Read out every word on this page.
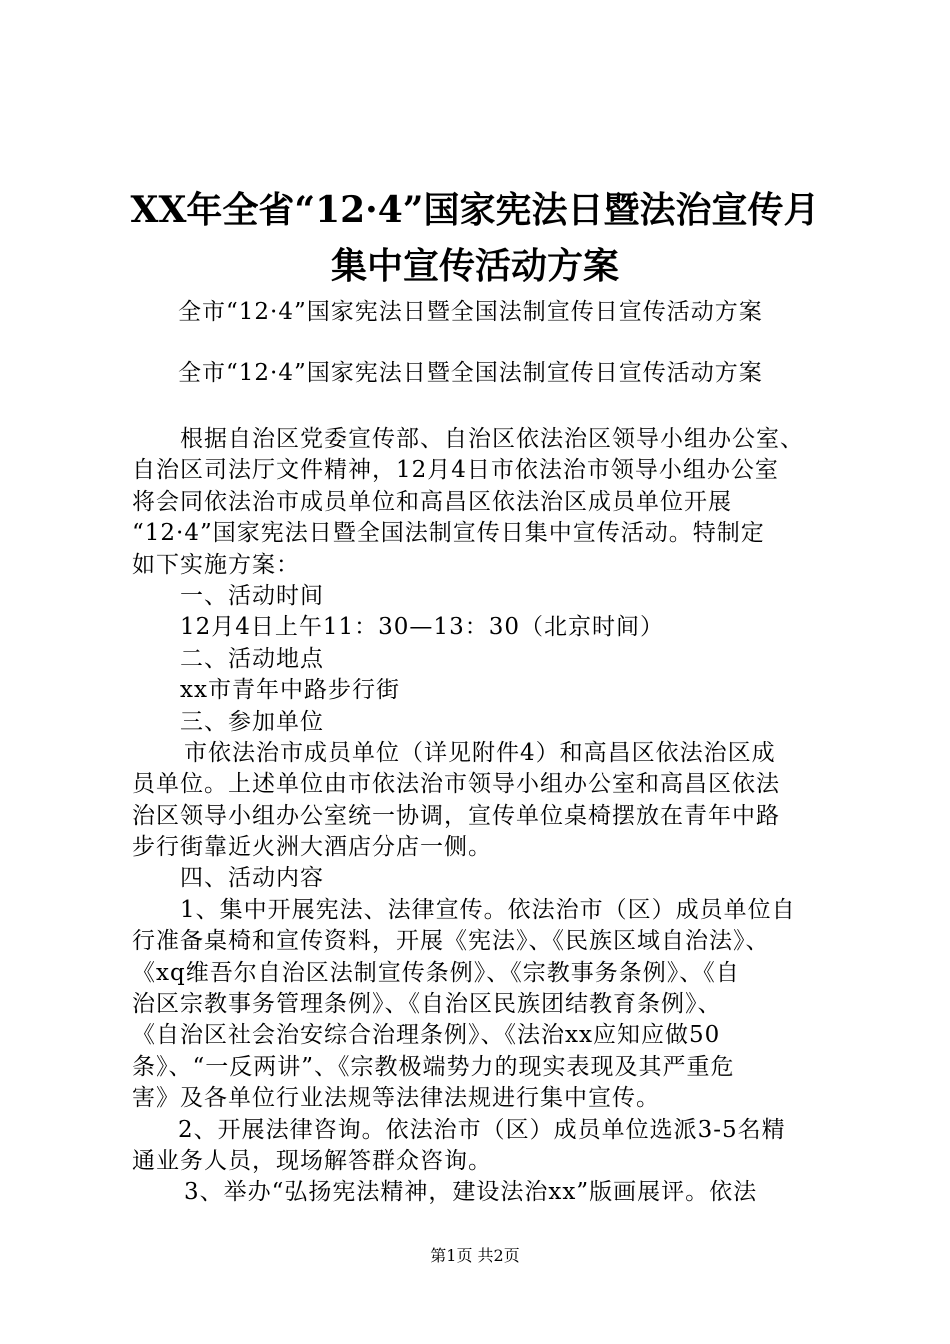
XX年全省“12·4”国家宪法日暨法治宣传月
集中宣传活动方案
全市“12·4”国家宪法日暨全国法制宣传日宣传活动方案
全市“12·4”国家宪法日暨全国法制宣传日宣传活动方案
根据自治区党委宣传部、自治区依法治区领导小组办公室、
自治区司法厅文件精神，12月4日市依法治市领导小组办公室
将会同依法治市成员单位和高昌区依法治区成员单位开展
“12·4”国家宪法日暨全国法制宣传日集中宣传活动。特制定
如下实施方案：
一、活动时间
12月4日上午11：30—13：30（北京时间）
二、活动地点
xx市青年中路步行街
三、参加单位
市依法治市成员单位（详见附件4）和高昌区依法治区成
员单位。上述单位由市依法治市领导小组办公室和高昌区依法
治区领导小组办公室统一协调，宣传单位桌椅摆放在青年中路
步行街靠近火洲大酒店分店一侧。
四、活动内容
1、集中开展宪法、法律宣传。依法治市（区）成员单位自
行准备桌椅和宣传资料，开展《宪法》、《民族区域自治法》、
《xq维吾尔自治区法制宣传条例》、《宗教事务条例》、《自
治区宗教事务管理条例》、《自治区民族团结教育条例》、
《自治区社会治安综合治理条例》、《法治xx应知应做50
条》、“一反两讲”、《宗教极端势力的现实表现及其严重危
害》及各单位行业法规等法律法规进行集中宣传。
2、开展法律咨询。依法治市（区）成员单位选派3-5名精
通业务人员，现场解答群众咨询。
3、举办“弘扬宪法精神，建设法治xx”版画展评。依法
第1页 共2页
